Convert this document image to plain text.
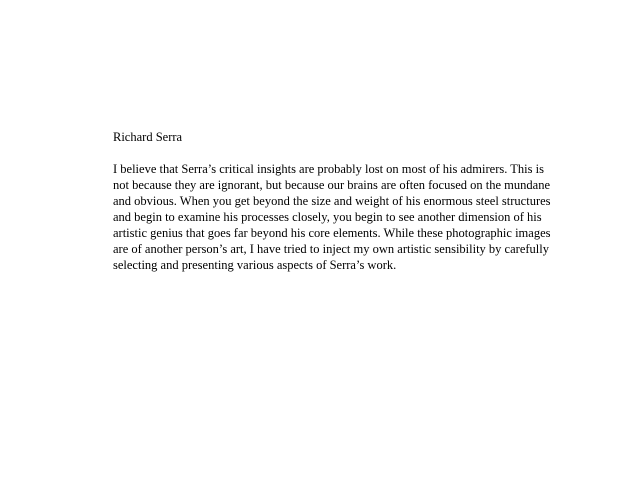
Richard Serra
I believe that Serra’s critical insights are probably lost on most of his admirers. This is
not because they are ignorant, but because our brains are often focused on the mundane
and obvious. When you get beyond the size and weight of his enormous steel structures
and begin to examine his processes closely, you begin to see another dimension of his
artistic genius that goes far beyond his core elements. While these photographic images
are of another person’s art, I have tried to inject my own artistic sensibility by carefully
selecting and presenting various aspects of Serra’s work.
